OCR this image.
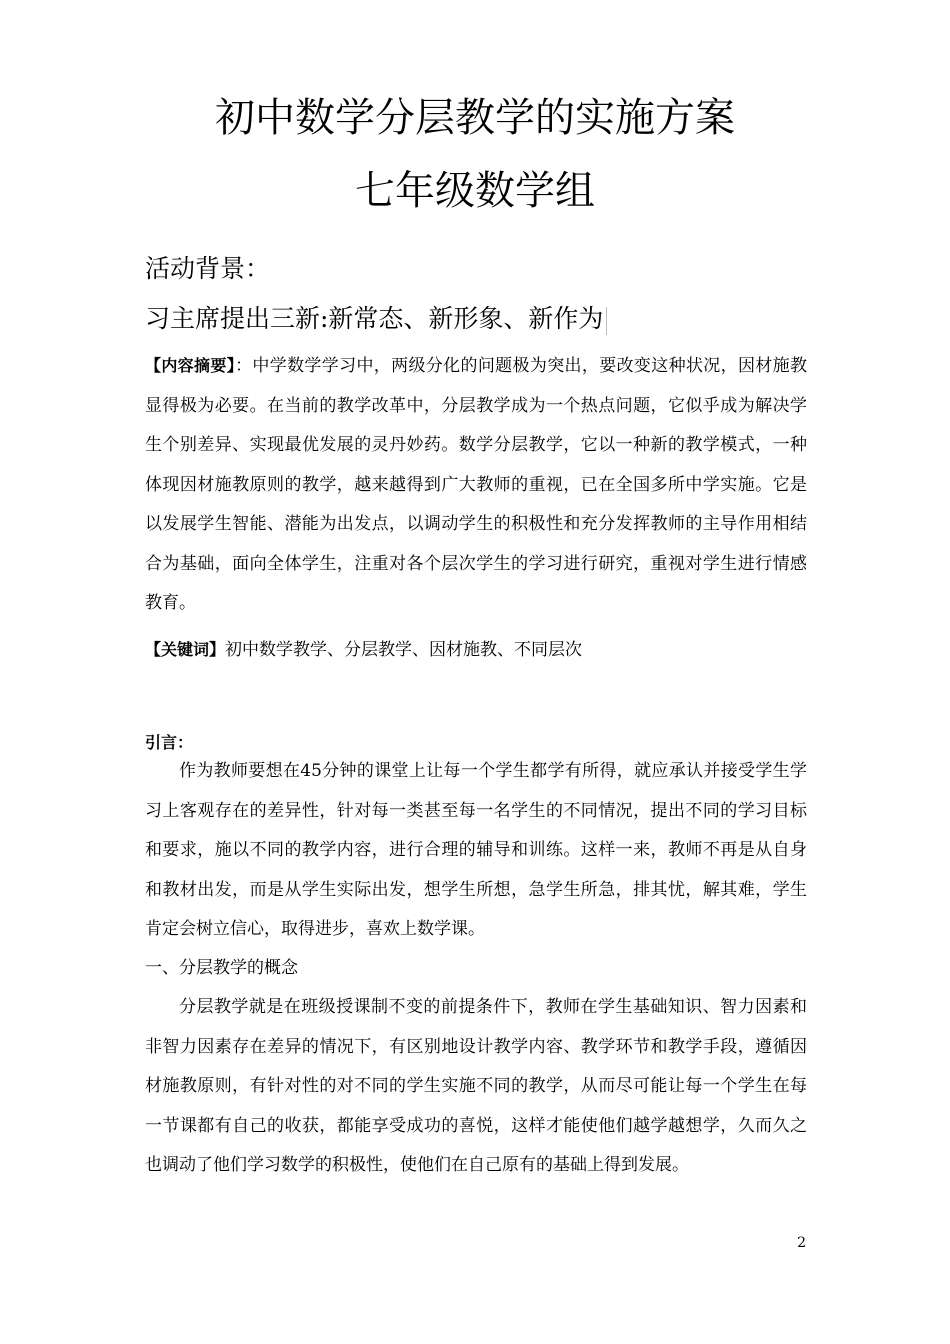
初中数学分层教学的实施方案
七年级数学组
活动背景：
习主席提出三新:新常态、新形象、新作为

【内容摘要】：中学数学学习中，两级分化的问题极为突出，要改变这种状况，因材施教显得极为必要。在当前的教学改革中，分层教学成为一个热点问题，它似乎成为解决学生个别差异、实现最优发展的灵丹妙药。数学分层教学，它以一种新的教学模式，一种体现因材施教原则的教学，越来越得到广大教师的重视，已在全国多所中学实施。它是以发展学生智能、潜能为出发点，以调动学生的积极性和充分发挥教师的主导作用相结合为基础，面向全体学生，注重对各个层次学生的学习进行研究，重视对学生进行情感教育。

【关键词】初中数学教学、分层教学、因材施教、不同层次

引言：

作为教师要想在45分钟的课堂上让每一个学生都学有所得，就应承认并接受学生学习上客观存在的差异性，针对每一类甚至每一名学生的不同情况，提出不同的学习目标和要求，施以不同的教学内容，进行合理的辅导和训练。这样一来，教师不再是从自身和教材出发，而是从学生实际出发，想学生所想，急学生所急，排其忧，解其难，学生肯定会树立信心，取得进步，喜欢上数学课。

一、分层教学的概念

分层教学就是在班级授课制不变的前提条件下，教师在学生基础知识、智力因素和非智力因素存在差异的情况下，有区别地设计教学内容、教学环节和教学手段，遵循因材施教原则，有针对性的对不同的学生实施不同的教学，从而尽可能让每一个学生在每一节课都有自己的收获，都能享受成功的喜悦，这样才能使他们越学越想学，久而久之也调动了他们学习数学的积极性，使他们在自己原有的基础上得到发展。

2
